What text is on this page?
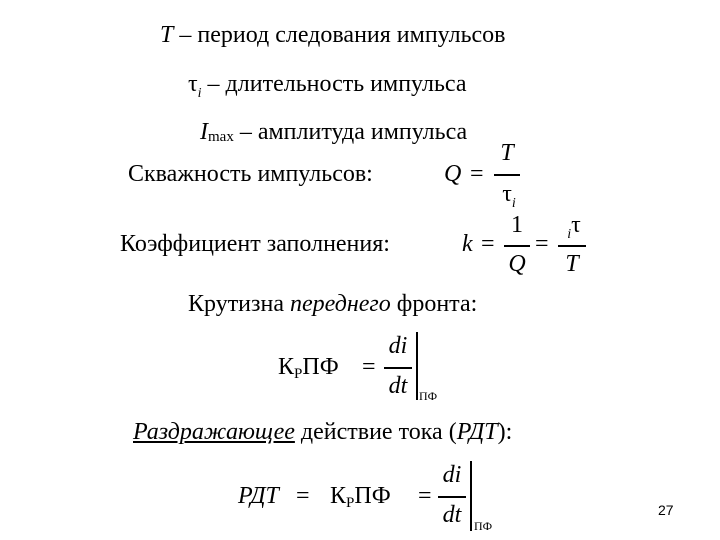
T – период следования импульсов
$\tau_i$ – длительность импульса
Imax – амплитуда импульса
Скважность импульсов:	Q =
T
$\tau_i$
Коэффициент заполнения:	k =
1
Q
=	$_i$τ
T
Крутизна переднего фронта:
КРПФ =
di
dt ПФ
Раздражающее действие тока (РДТ):
РДТ = КРПФ =
di
dt	ПФ
27
